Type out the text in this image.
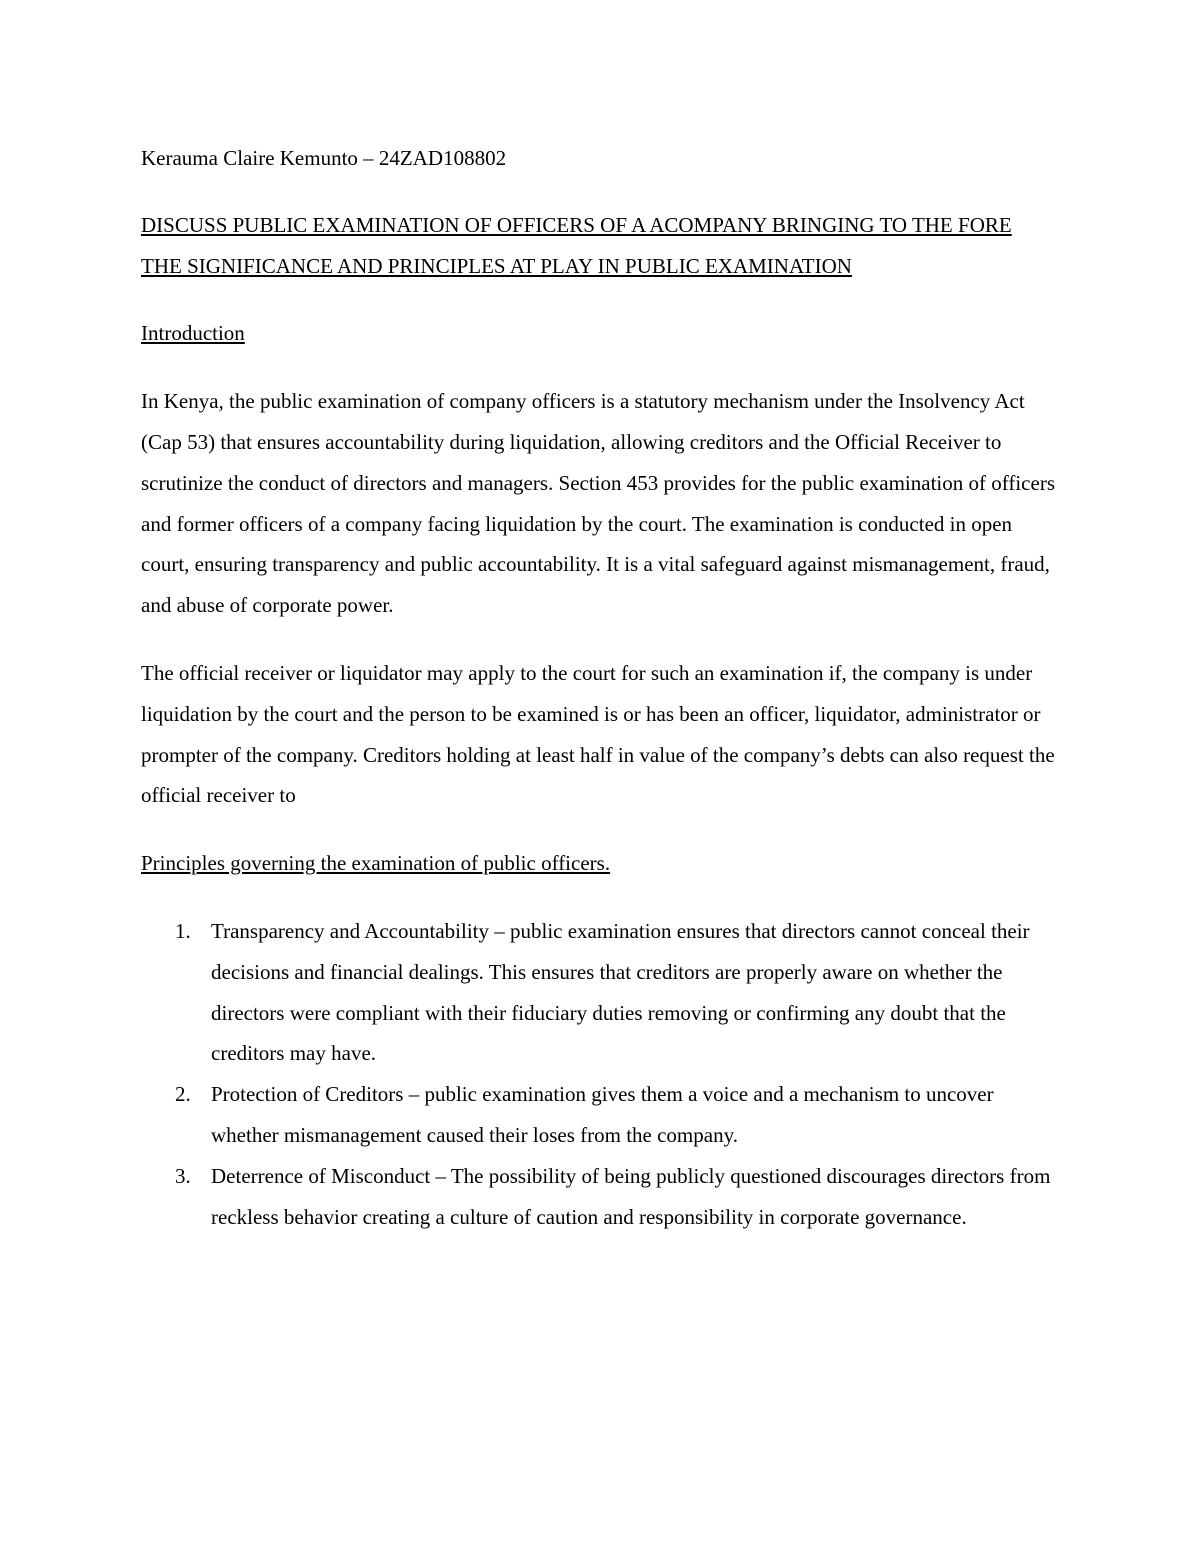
Kerauma Claire Kemunto – 24ZAD108802

DISCUSS PUBLIC EXAMINATION OF OFFICERS OF A ACOMPANY BRINGING TO THE FORE THE SIGNIFICANCE AND PRINCIPLES AT PLAY IN PUBLIC EXAMINATION

Introduction

In Kenya, the public examination of company officers is a statutory mechanism under the Insolvency Act (Cap 53) that ensures accountability during liquidation, allowing creditors and the Official Receiver to scrutinize the conduct of directors and managers. Section 453 provides for the public examination of officers and former officers of a company facing liquidation by the court. The examination is conducted in open court, ensuring transparency and public accountability. It is a vital safeguard against mismanagement, fraud, and abuse of corporate power.

The official receiver or liquidator may apply to the court for such an examination if, the company is under liquidation by the court and the person to be examined is or has been an officer, liquidator, administrator or prompter of the company. Creditors holding at least half in value of the company’s debts can also request the official receiver to

Principles governing the examination of public officers.

1. Transparency and Accountability – public examination ensures that directors cannot conceal their decisions and financial dealings. This ensures that creditors are properly aware on whether the directors were compliant with their fiduciary duties removing or confirming any doubt that the creditors may have.
2. Protection of Creditors – public examination gives them a voice and a mechanism to uncover whether mismanagement caused their loses from the company.
3. Deterrence of Misconduct – The possibility of being publicly questioned discourages directors from reckless behavior creating a culture of caution and responsibility in corporate governance.
